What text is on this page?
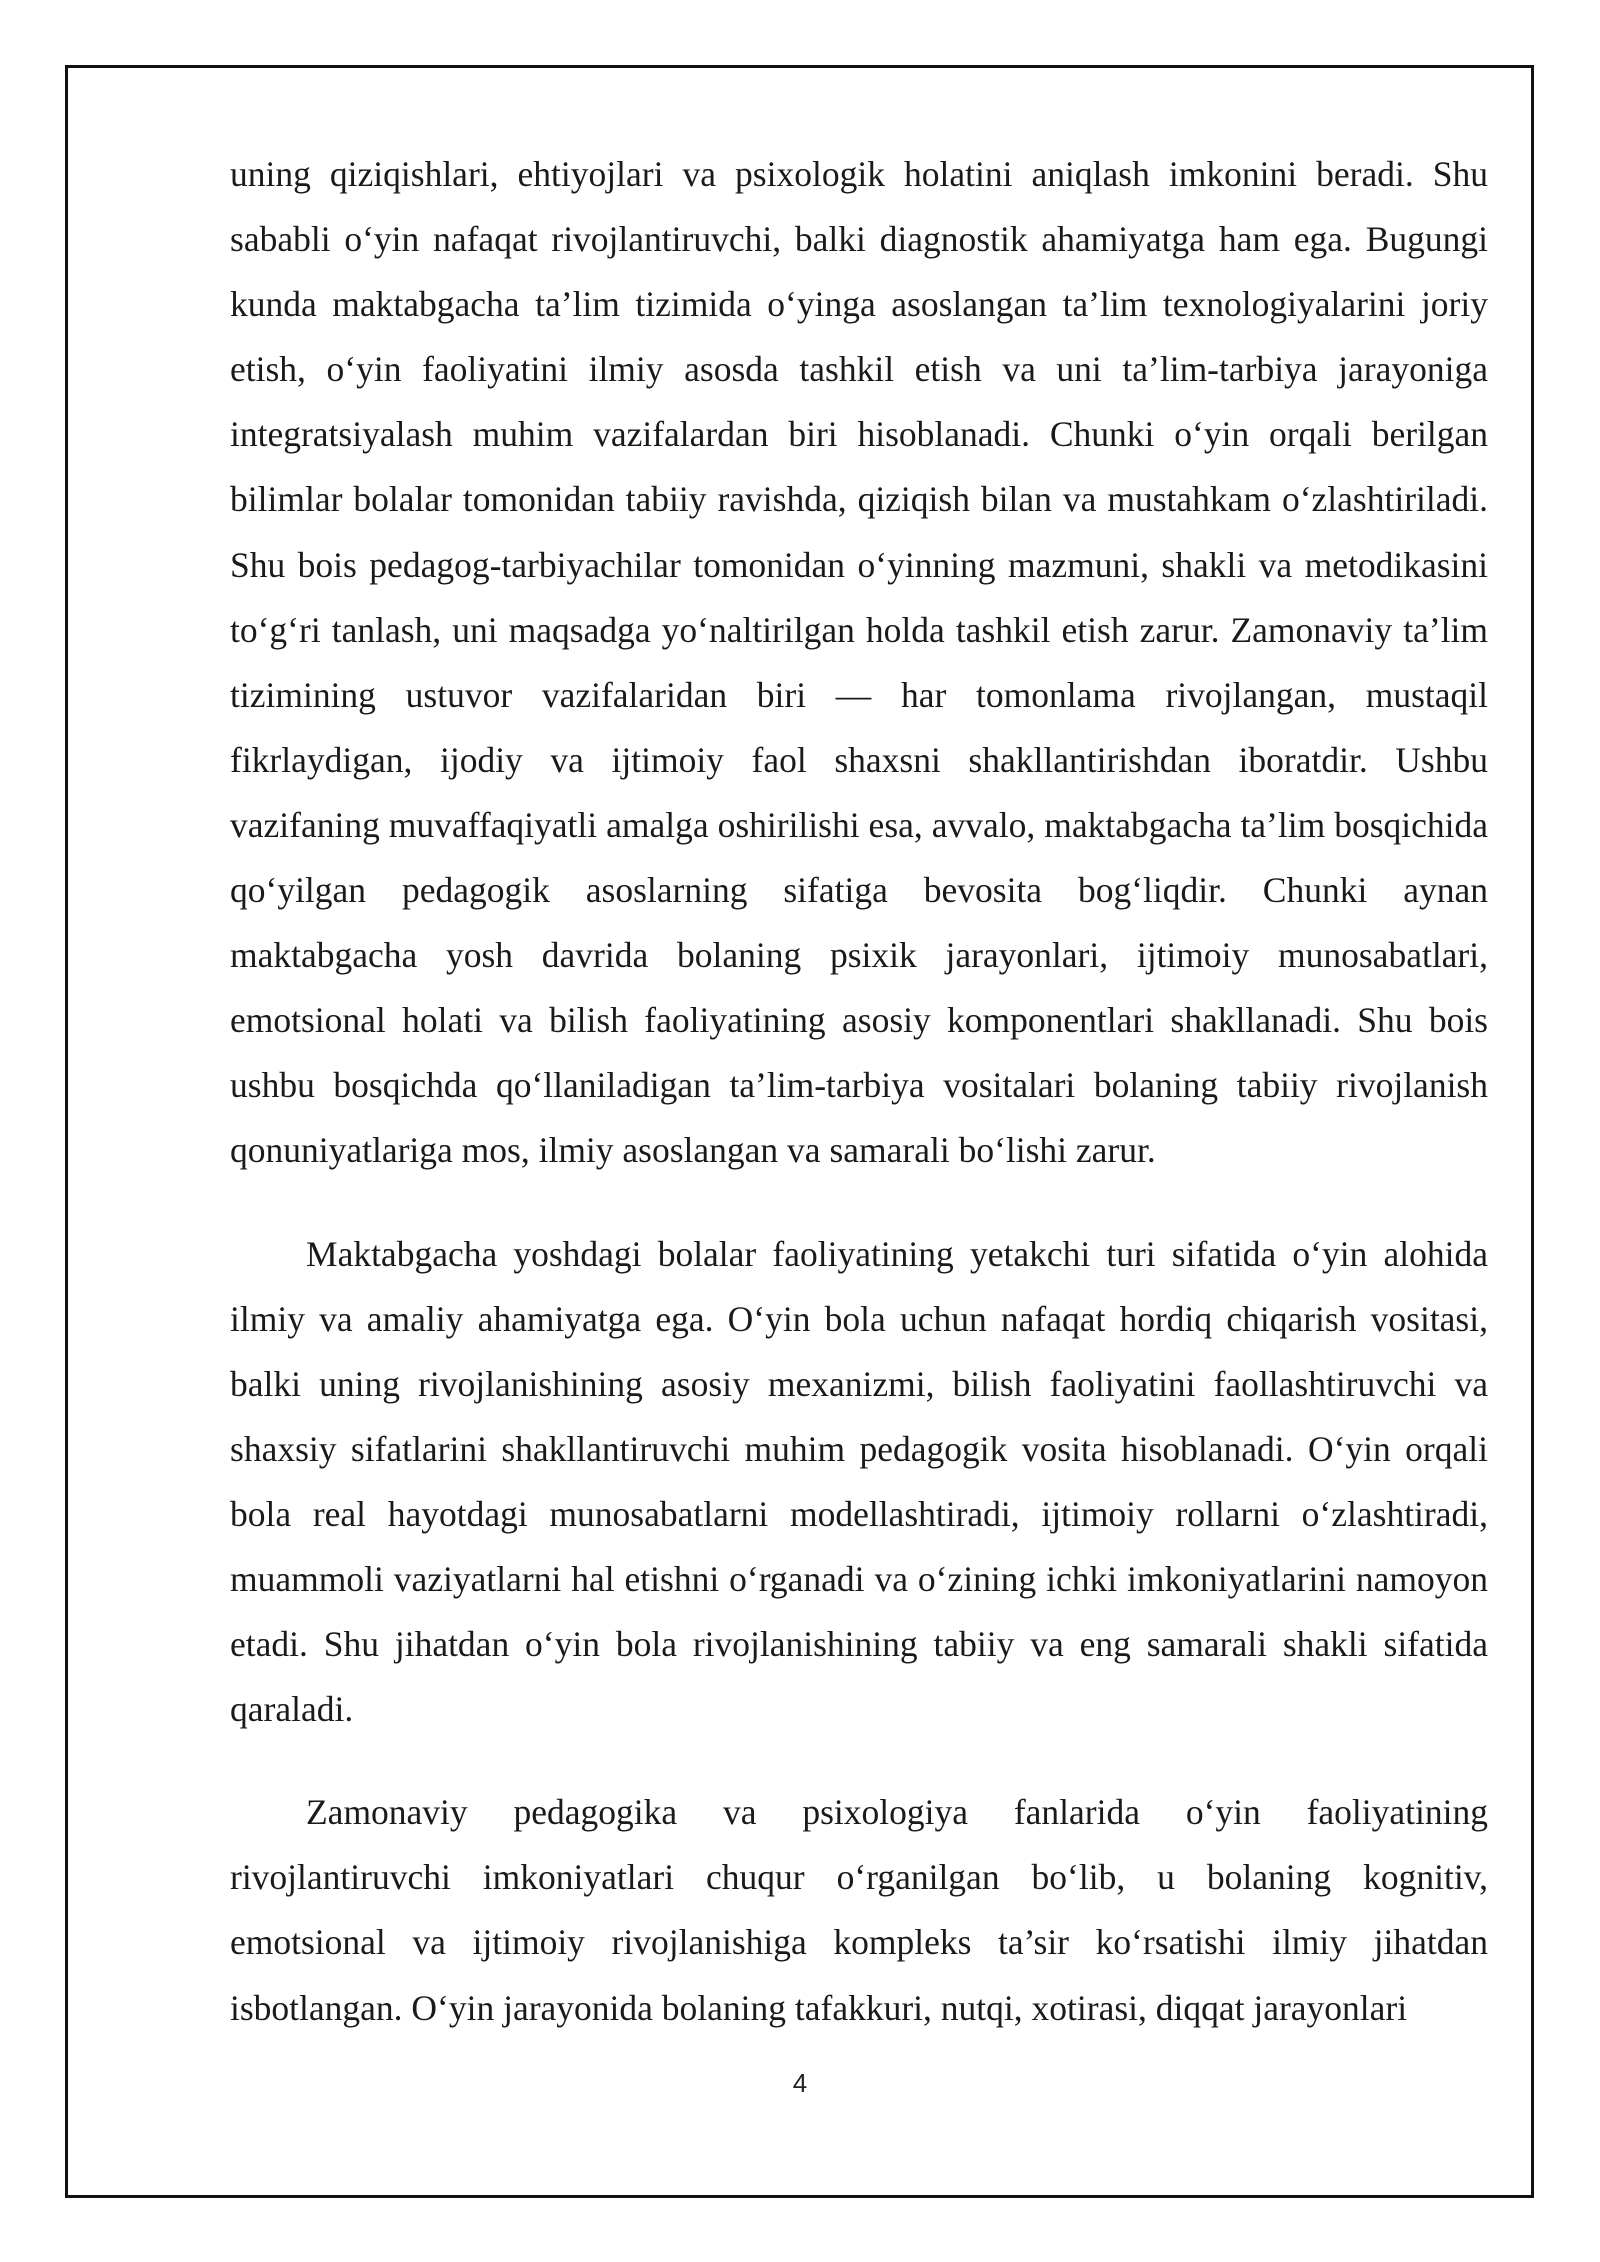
uning qiziqishlari, ehtiyojlari va psixologik holatini aniqlash imkonini beradi. Shu sababli o‘yin nafaqat rivojlantiruvchi, balki diagnostik ahamiyatga ham ega. Bugungi kunda maktabgacha ta’lim tizimida o‘yinga asoslangan ta’lim texnologiyalarini joriy etish, o‘yin faoliyatini ilmiy asosda tashkil etish va uni ta’lim-tarbiya jarayoniga integratsiyalash muhim vazifalardan biri hisoblanadi. Chunki o‘yin orqali berilgan bilimlar bolalar tomonidan tabiiy ravishda, qiziqish bilan va mustahkam o‘zlashtiriladi. Shu bois pedagog-tarbiyachilar tomonidan o‘yinning mazmuni, shakli va metodikasini to‘g‘ri tanlash, uni maqsadga yo‘naltirilgan holda tashkil etish zarur. Zamonaviy ta’lim tizimining ustuvor vazifalaridan biri — har tomonlama rivojlangan, mustaqil fikrlaydigan, ijodiy va ijtimoiy faol shaxsni shakllantirishdan iboratdir. Ushbu vazifaning muvaffaqiyatli amalga oshirilishi esa, avvalo, maktabgacha ta’lim bosqichida qo‘yilgan pedagogik asoslarning sifatiga bevosita bog‘liqdir. Chunki aynan maktabgacha yosh davrida bolaning psixik jarayonlari, ijtimoiy munosabatlari, emotsional holati va bilish faoliyatining asosiy komponentlari shakllanadi. Shu bois ushbu bosqichda qo‘llaniladigan ta’lim-tarbiya vositalari bolaning tabiiy rivojlanish qonuniyatlariga mos, ilmiy asoslangan va samarali bo‘lishi zarur.

Maktabgacha yoshdagi bolalar faoliyatining yetakchi turi sifatida o‘yin alohida ilmiy va amaliy ahamiyatga ega. O‘yin bola uchun nafaqat hordiq chiqarish vositasi, balki uning rivojlanishining asosiy mexanizmi, bilish faoliyatini faollashtiruvchi va shaxsiy sifatlarini shakllantiruvchi muhim pedagogik vosita hisoblanadi. O‘yin orqali bola real hayotdagi munosabatlarni modellashtiradi, ijtimoiy rollarni o‘zlashtiradi, muammoli vaziyatlarni hal etishni o‘rganadi va o‘zining ichki imkoniyatlarini namoyon etadi. Shu jihatdan o‘yin bola rivojlanishining tabiiy va eng samarali shakli sifatida qaraladi.

Zamonaviy pedagogika va psixologiya fanlarida o‘yin faoliyatining rivojlantiruvchi imkoniyatlari chuqur o‘rganilgan bo‘lib, u bolaning kognitiv, emotsional va ijtimoiy rivojlanishiga kompleks ta’sir ko‘rsatishi ilmiy jihatdan isbotlangan. O‘yin jarayonida bolaning tafakkuri, nutqi, xotirasi, diqqat jarayonlari

4
